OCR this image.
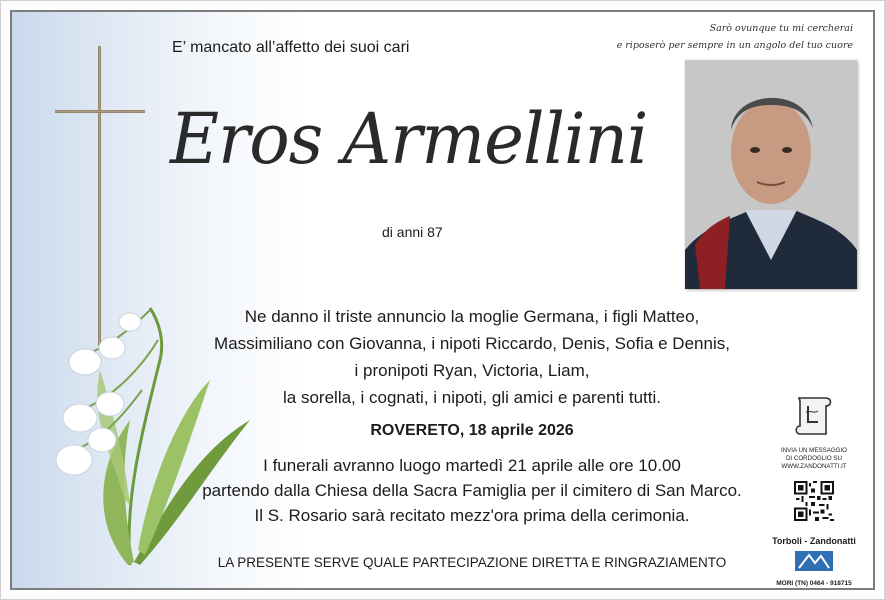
E’ mancato all’affetto dei suoi cari
Sarò ovunque tu mi cercherai
e riposerò per sempre in un angolo del tuo cuore
Eros Armellini
di anni 87
Ne danno il triste annuncio la moglie Germana, i figli Matteo,
Massimiliano con Giovanna, i nipoti Riccardo, Denis, Sofia e Dennis,
i pronipoti Ryan, Victoria, Liam,
la sorella, i cognati, i nipoti, gli amici e parenti tutti.
ROVERETO, 18 aprile 2026
I funerali avranno luogo martedì 21 aprile alle ore 10.00
partendo dalla Chiesa della Sacra Famiglia per il cimitero di San Marco.
Il S. Rosario sarà recitato mezz'ora prima della cerimonia.
LA PRESENTE SERVE QUALE PARTECIPAZIONE DIRETTA E RINGRAZIAMENTO
INVIA UN MESSAGGIO
DI CORDOGLIO SU
WWW.ZANDONATTI.IT
Torboli - Zandonatti
MORI (TN) 0464 - 918715
